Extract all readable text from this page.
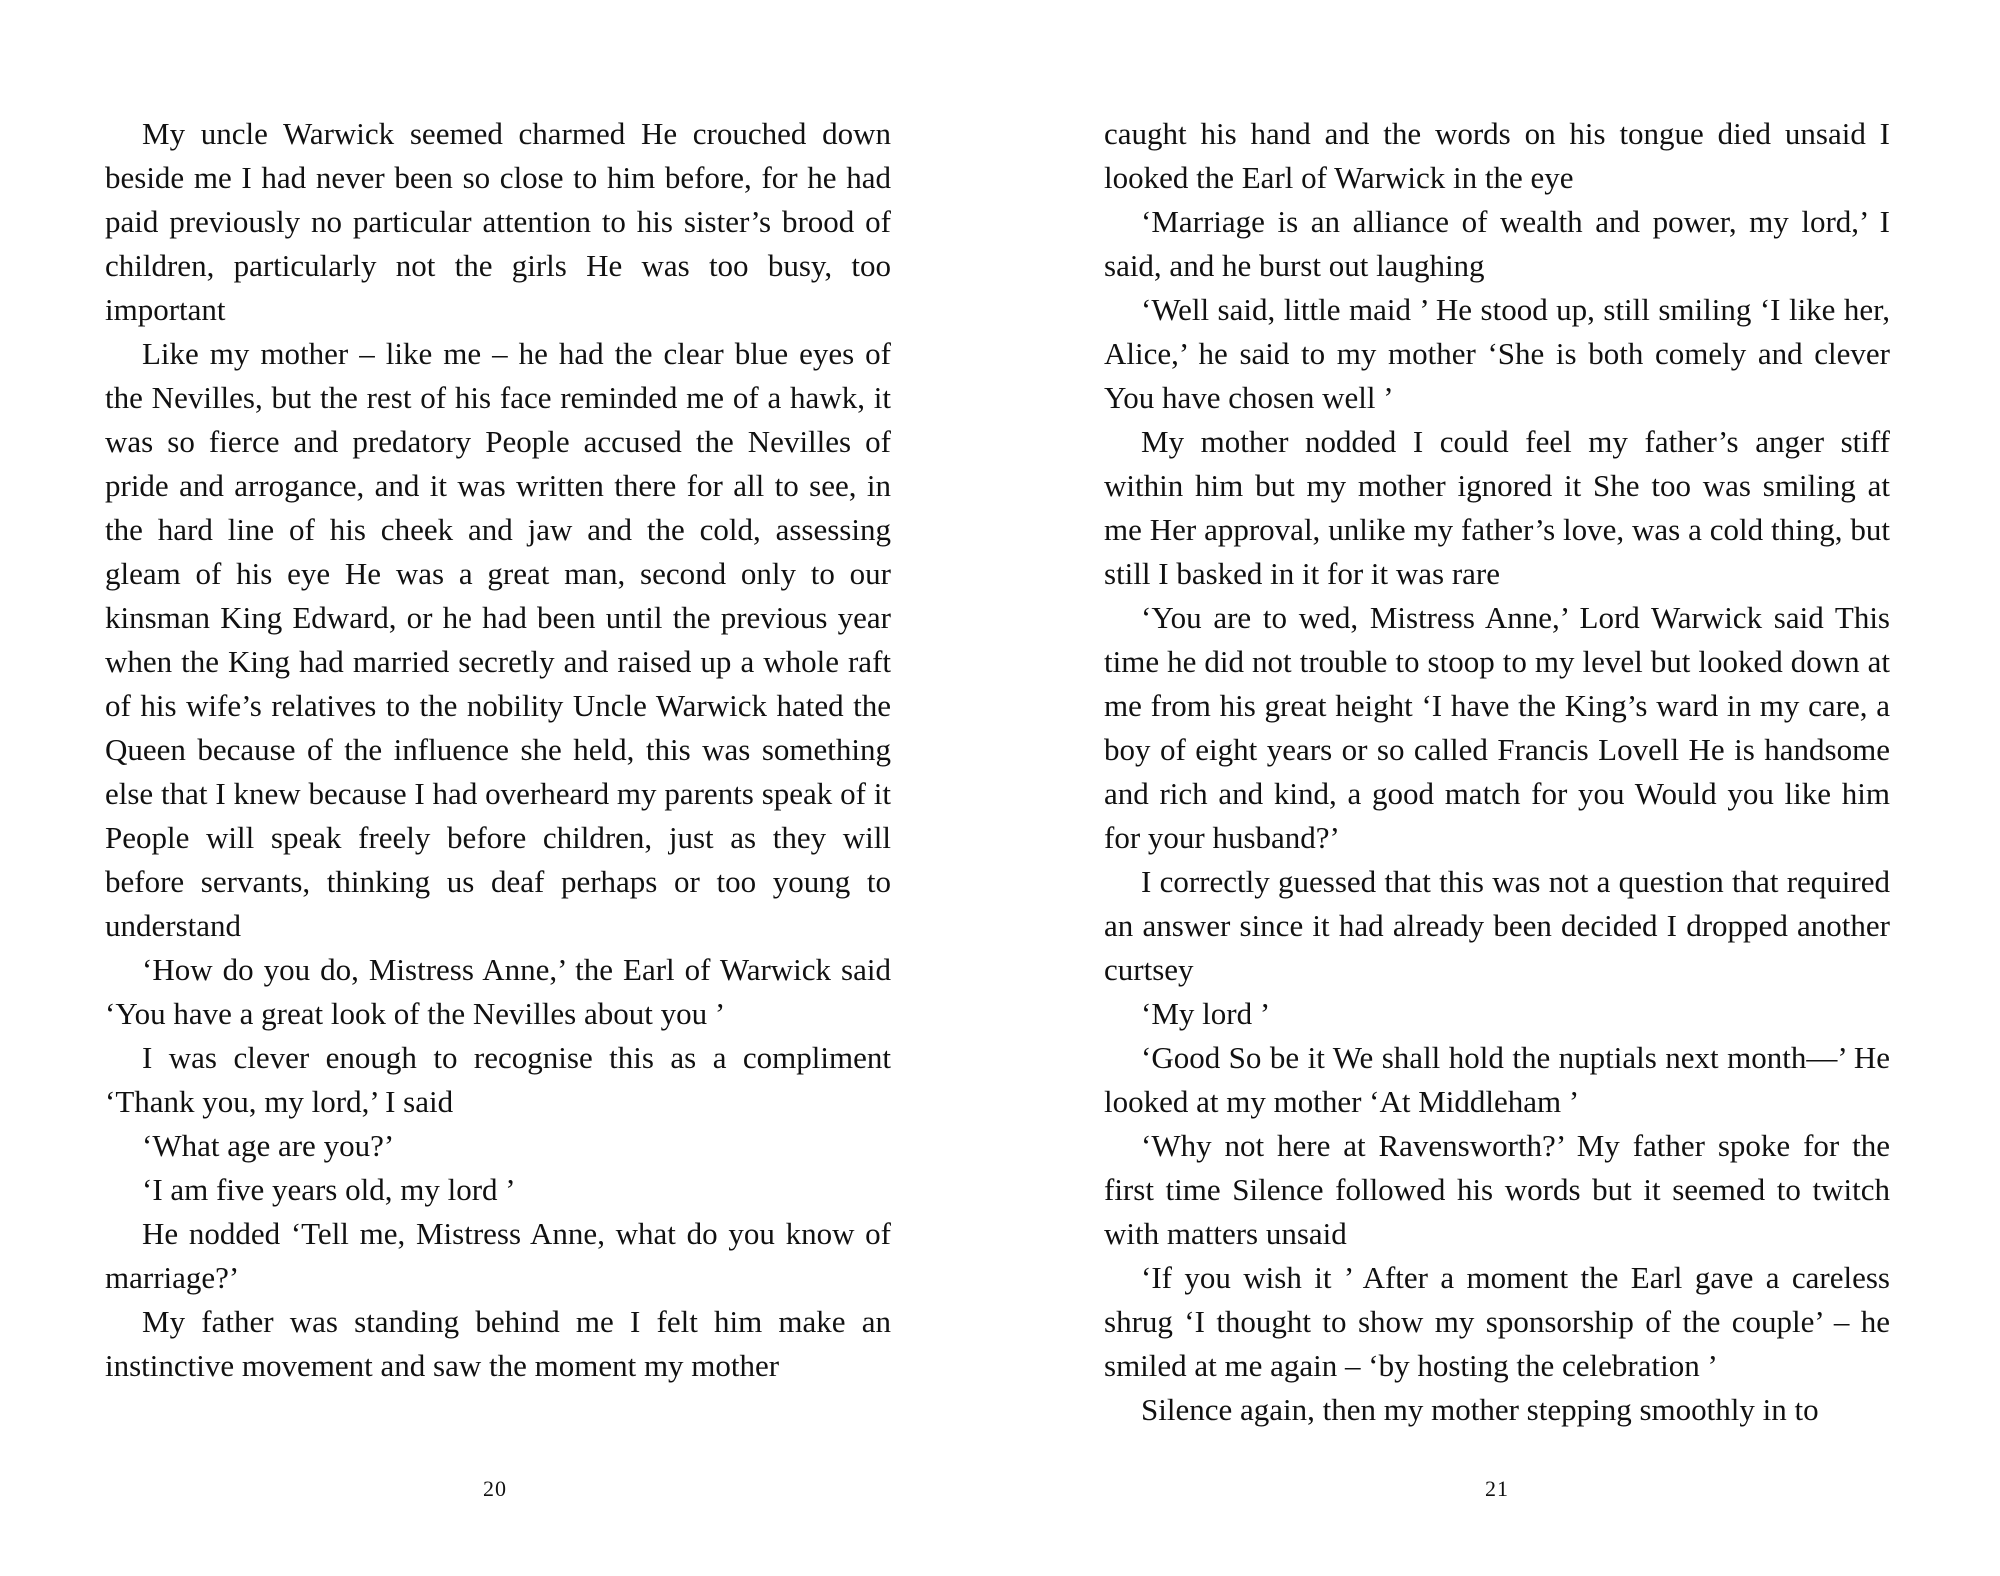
My uncle Warwick seemed charmed He crouched down beside me I had never been so close to him before, for he had paid previously no particular attention to his sister’s brood of children, particularly not the girls He was too busy, too important

Like my mother – like me – he had the clear blue eyes of the Nevilles, but the rest of his face reminded me of a hawk, it was so fierce and predatory People accused the Nevilles of pride and arrogance, and it was written there for all to see, in the hard line of his cheek and jaw and the cold, assessing gleam of his eye He was a great man, second only to our kinsman King Edward, or he had been until the previous year when the King had married secretly and raised up a whole raft of his wife’s relatives to the nobility Uncle Warwick hated the Queen because of the influence she held, this was something else that I knew because I had overheard my parents speak of it People will speak freely before children, just as they will before servants, thinking us deaf perhaps or too young to understand

‘How do you do, Mistress Anne,’ the Earl of Warwick said ‘You have a great look of the Nevilles about you ’

I was clever enough to recognise this as a compliment ‘Thank you, my lord,’ I said

‘What age are you?’

‘I am five years old, my lord ’

He nodded ‘Tell me, Mistress Anne, what do you know of marriage?’

My father was standing behind me I felt him make an instinctive movement and saw the moment my mother

caught his hand and the words on his tongue died unsaid I looked the Earl of Warwick in the eye

‘Marriage is an alliance of wealth and power, my lord,’ I said, and he burst out laughing

‘Well said, little maid ’ He stood up, still smiling ‘I like her, Alice,’ he said to my mother ‘She is both comely and clever You have chosen well ’

My mother nodded I could feel my father’s anger stiff within him but my mother ignored it She too was smiling at me Her approval, unlike my father’s love, was a cold thing, but still I basked in it for it was rare

‘You are to wed, Mistress Anne,’ Lord Warwick said This time he did not trouble to stoop to my level but looked down at me from his great height ‘I have the King’s ward in my care, a boy of eight years or so called Francis Lovell He is handsome and rich and kind, a good match for you Would you like him for your husband?’

I correctly guessed that this was not a question that required an answer since it had already been decided I dropped another curtsey

‘My lord ’

‘Good So be it We shall hold the nuptials next month—’ He looked at my mother ‘At Middleham ’

‘Why not here at Ravensworth?’ My father spoke for the first time Silence followed his words but it seemed to twitch with matters unsaid

‘If you wish it ’ After a moment the Earl gave a careless shrug ‘I thought to show my sponsorship of the couple’ – he smiled at me again – ‘by hosting the celebration ’

Silence again, then my mother stepping smoothly in to

20	21
